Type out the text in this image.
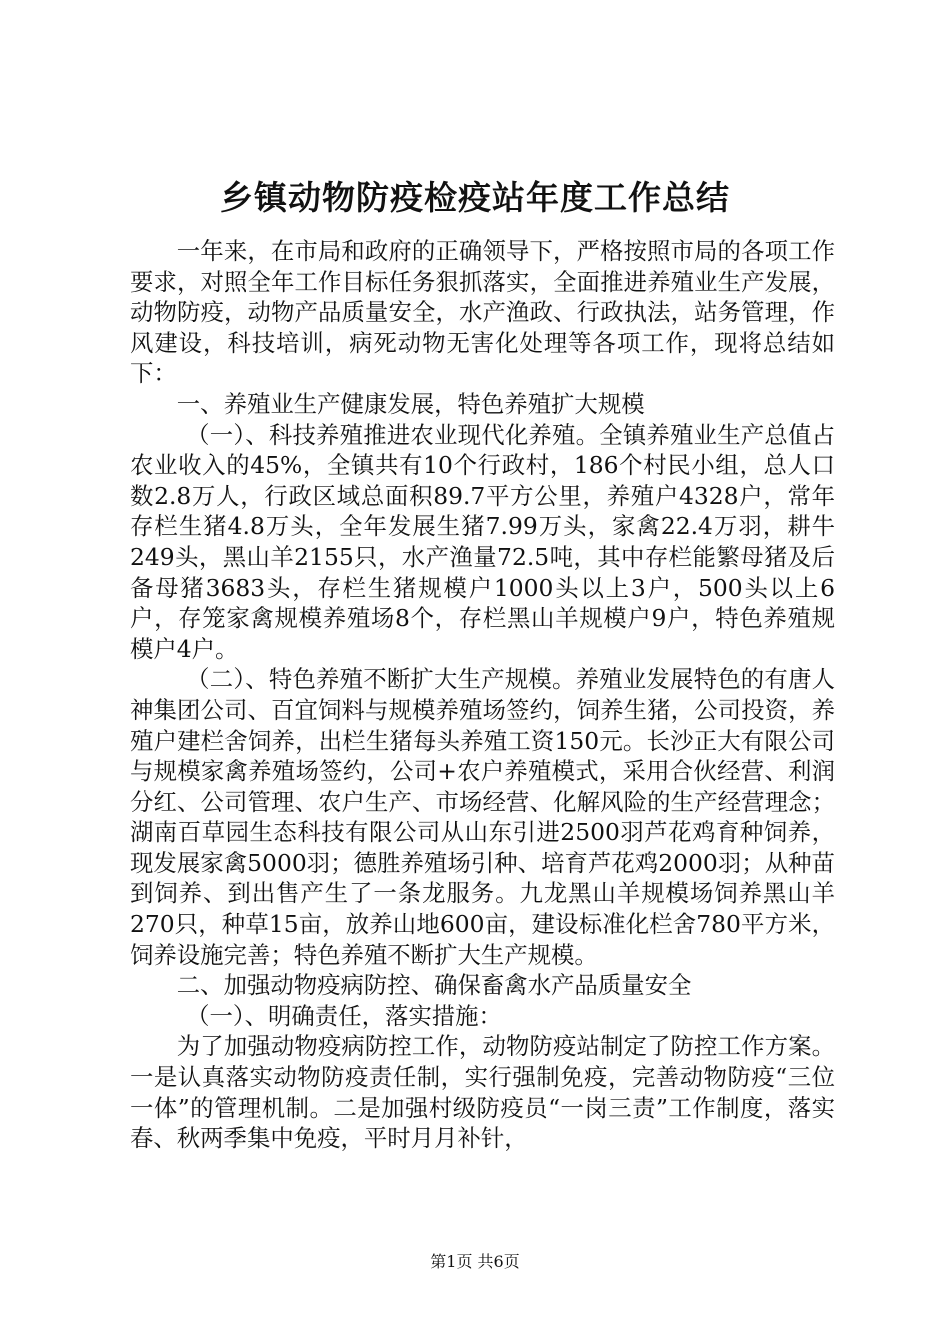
乡镇动物防疫检疫站年度工作总结

一年来，在市局和政府的正确领导下，严格按照市局的各项工作要求，对照全年工作目标任务狠抓落实，全面推进养殖业生产发展，动物防疫，动物产品质量安全，水产渔政、行政执法，站务管理，作风建设，科技培训，病死动物无害化处理等各项工作，现将总结如下：

一、养殖业生产健康发展，特色养殖扩大规模

（一）、科技养殖推进农业现代化养殖。全镇养殖业生产总值占农业收入的45%，全镇共有10个行政村，186个村民小组，总人口数2.8万人，行政区域总面积89.7平方公里，养殖户4328户，常年存栏生猪4.8万头，全年发展生猪7.99万头，家禽22.4万羽，耕牛249头，黑山羊2155只，水产渔量72.5吨，其中存栏能繁母猪及后备母猪3683头，存栏生猪规模户1000头以上3户，500头以上6户，存笼家禽规模养殖场8个，存栏黑山羊规模户9户，特色养殖规模户4户。

（二）、特色养殖不断扩大生产规模。养殖业发展特色的有唐人神集团公司、百宜饲料与规模养殖场签约，饲养生猪，公司投资，养殖户建栏舍饲养，出栏生猪每头养殖工资150元。长沙正大有限公司与规模家禽养殖场签约，公司+农户养殖模式，采用合伙经营、利润分红、公司管理、农户生产、市场经营、化解风险的生产经营理念；湖南百草园生态科技有限公司从山东引进2500羽芦花鸡育种饲养，现发展家禽5000羽；德胜养殖场引种、培育芦花鸡2000羽；从种苗到饲养、到出售产生了一条龙服务。九龙黑山羊规模场饲养黑山羊270只，种草15亩，放养山地600亩，建设标准化栏舍780平方米，饲养设施完善；特色养殖不断扩大生产规模。

二、加强动物疫病防控、确保畜禽水产品质量安全

（一）、明确责任，落实措施：

为了加强动物疫病防控工作，动物防疫站制定了防控工作方案。一是认真落实动物防疫责任制，实行强制免疫，完善动物防疫“三位一体”的管理机制。二是加强村级防疫员“一岗三责”工作制度，落实春、秋两季集中免疫，平时月月补针，

第1页 共6页
